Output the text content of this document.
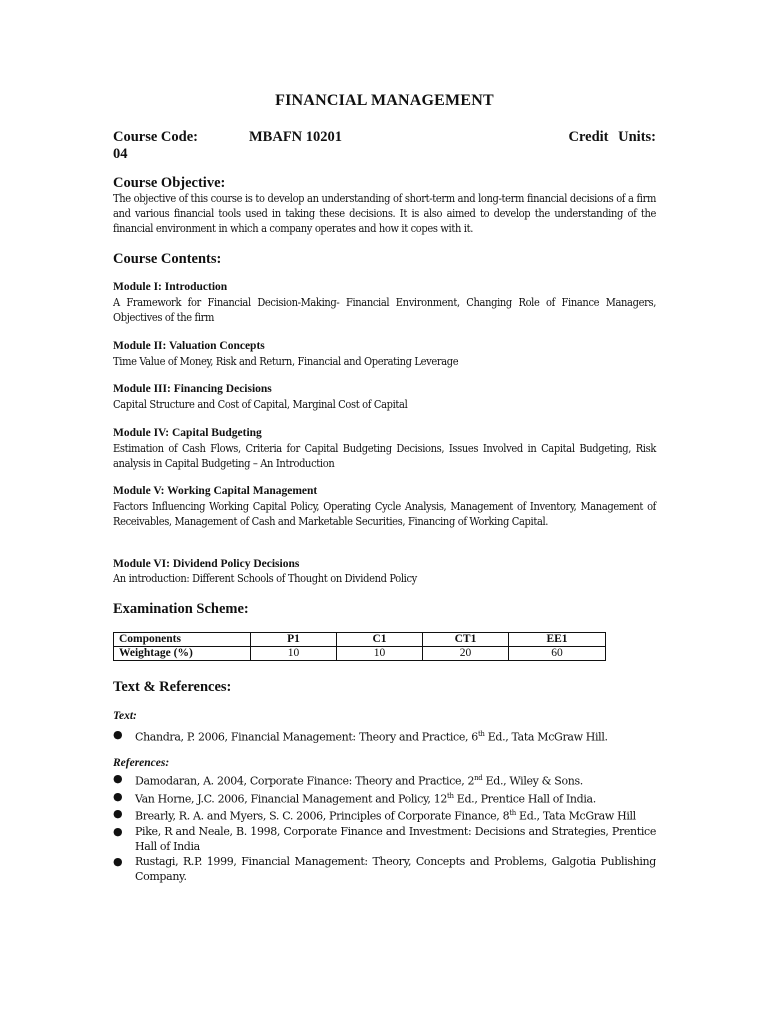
FINANCIAL MANAGEMENT
Course Code:	MBAFN 10201	Credit Units:
04
Course Objective:
The objective of this course is to develop an understanding of short-term and long-term financial decisions of a firm and various financial tools used in taking these decisions. It is also aimed to develop the understanding of the financial environment in which a company operates and how it copes with it.
Course Contents:
Module I: Introduction
A Framework for Financial Decision-Making- Financial Environment, Changing Role of Finance Managers, Objectives of the firm
Module II: Valuation Concepts
Time Value of Money, Risk and Return, Financial and Operating Leverage
Module III: Financing Decisions
Capital Structure and Cost of Capital, Marginal Cost of Capital
Module IV: Capital Budgeting
Estimation of Cash Flows, Criteria for Capital Budgeting Decisions, Issues Involved in Capital Budgeting, Risk analysis in Capital Budgeting – An Introduction
Module V: Working Capital Management
Factors Influencing Working Capital Policy, Operating Cycle Analysis, Management of Inventory, Management of Receivables, Management of Cash and Marketable Securities, Financing of Working Capital.
Module VI: Dividend Policy Decisions
An introduction: Different Schools of Thought on Dividend Policy
Examination Scheme:
Components	P1	C1	CT1	EE1
Weightage (%)	10	10	20	60
Text & References:
Text:
● Chandra, P. 2006, Financial Management: Theory and Practice, 6th Ed., Tata McGraw Hill.
References:
● Damodaran, A. 2004, Corporate Finance: Theory and Practice, 2nd Ed., Wiley & Sons.
● Van Horne, J.C. 2006, Financial Management and Policy, 12th Ed., Prentice Hall of India.
● Brearly, R. A. and Myers, S. C. 2006, Principles of Corporate Finance, 8th Ed., Tata McGraw Hill
● Pike, R and Neale, B. 1998, Corporate Finance and Investment: Decisions and Strategies, Prentice Hall of India
● Rustagi, R.P. 1999, Financial Management: Theory, Concepts and Problems, Galgotia Publishing Company.
